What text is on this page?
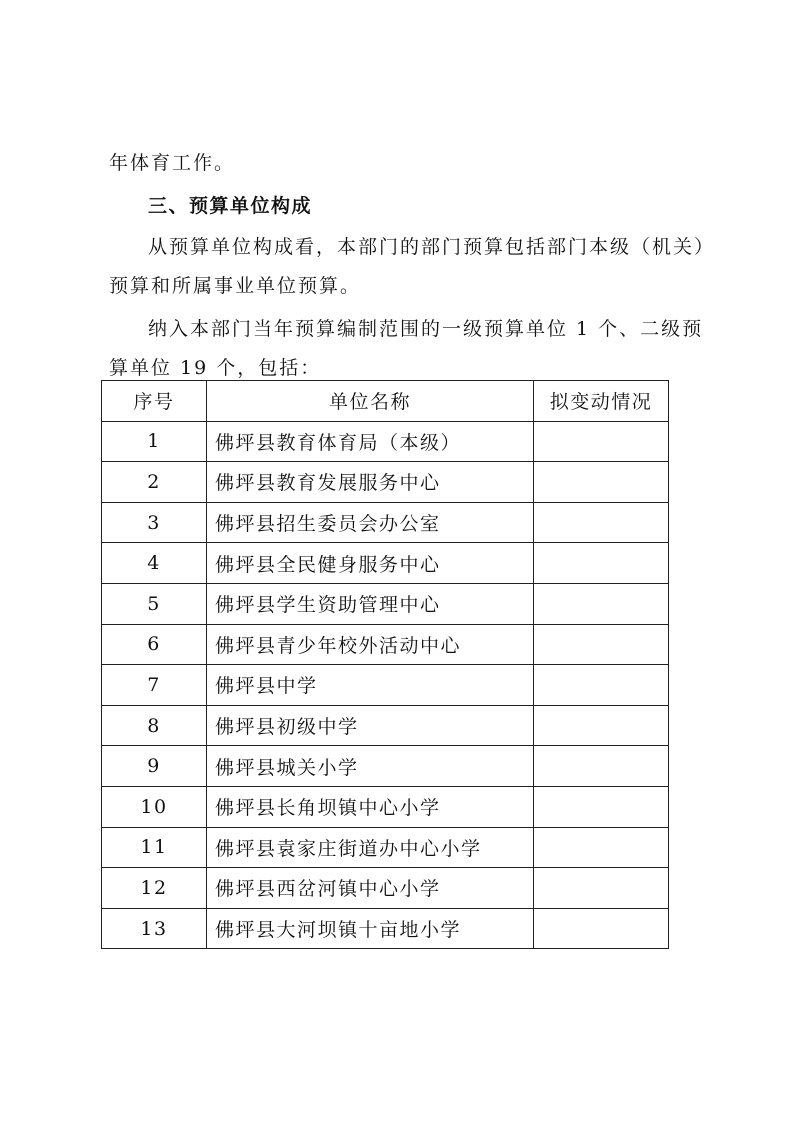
年体育工作。
三、预算单位构成
从预算单位构成看，本部门的部门预算包括部门本级（机关）
预算和所属事业单位预算。
纳入本部门当年预算编制范围的一级预算单位 1 个、二级预
算单位 19 个，包括：
序号	单位名称	拟变动情况
1	佛坪县教育体育局（本级）	
2	佛坪县教育发展服务中心	
3	佛坪县招生委员会办公室	
4	佛坪县全民健身服务中心	
5	佛坪县学生资助管理中心	
6	佛坪县青少年校外活动中心	
7	佛坪县中学	
8	佛坪县初级中学	
9	佛坪县城关小学	
10	佛坪县长角坝镇中心小学	
11	佛坪县袁家庄街道办中心小学	
12	佛坪县西岔河镇中心小学	
13	佛坪县大河坝镇十亩地小学	
